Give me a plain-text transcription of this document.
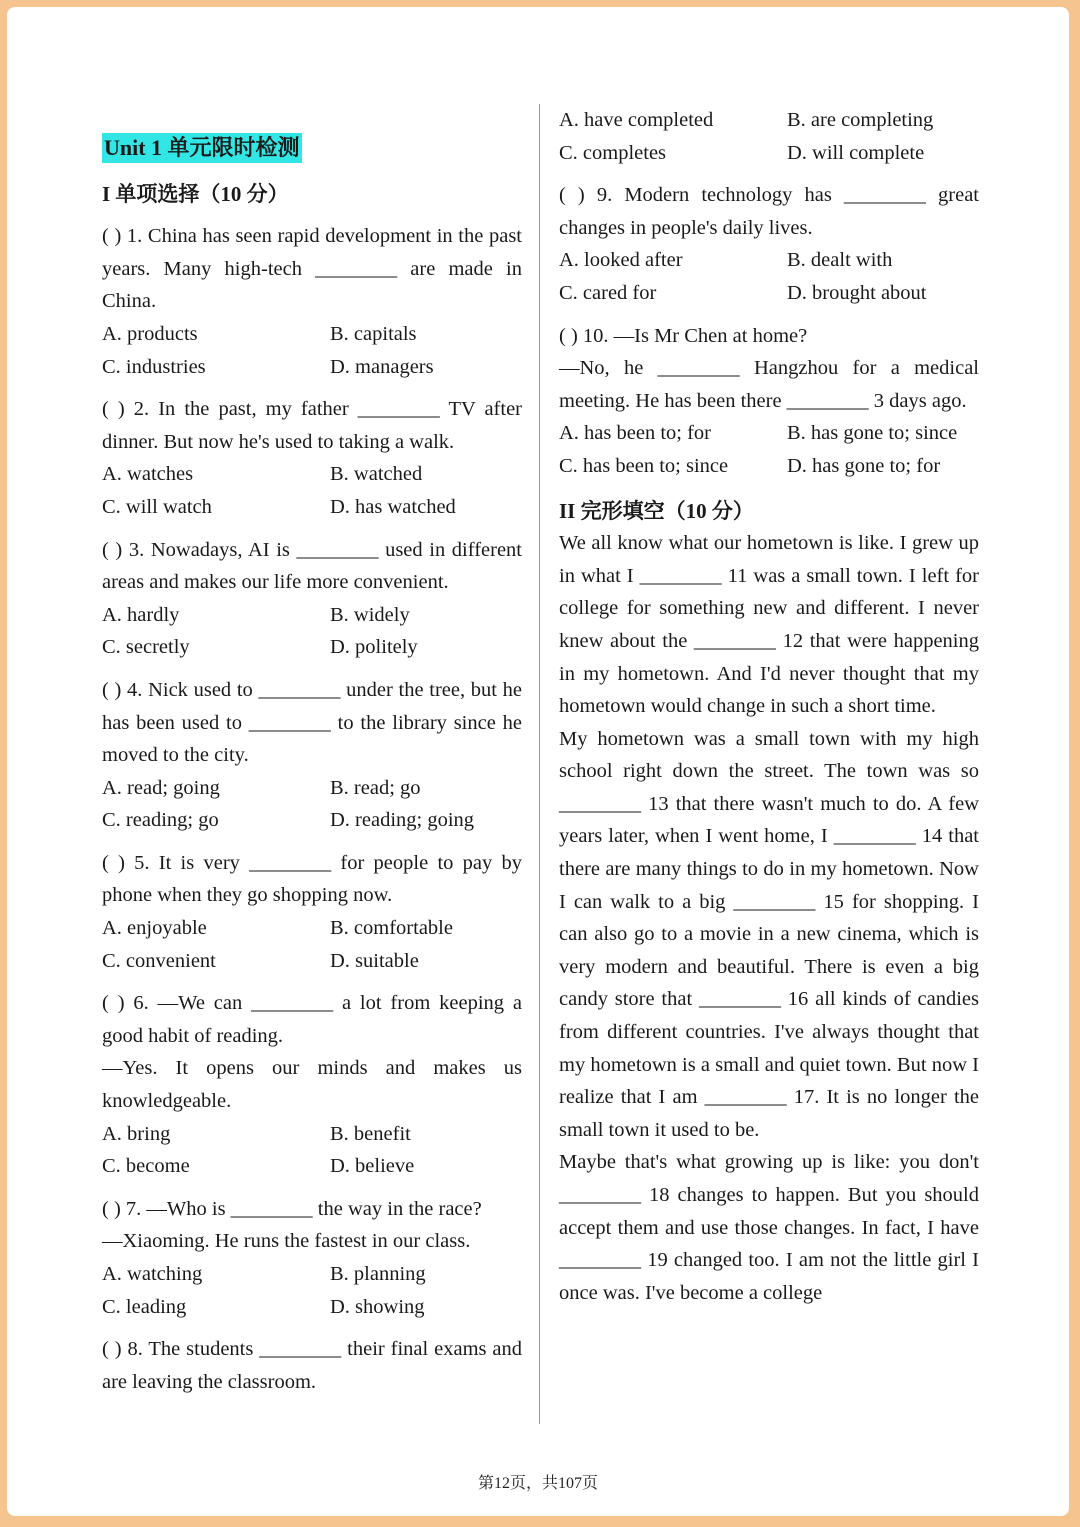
Unit 1 单元限时检测
I 单项选择（10 分）
( ) 1. China has seen rapid development in the past years. Many high-tech ________ are made in China.
A. products	B. capitals
C. industries	D. managers
( ) 2. In the past, my father ________ TV after dinner. But now he's used to taking a walk.
A. watches	B. watched
C. will watch	D. has watched
( ) 3. Nowadays, AI is ________ used in different areas and makes our life more convenient.
A. hardly	B. widely
C. secretly	D. politely
( ) 4. Nick used to ________ under the tree, but he has been used to ________ to the library since he moved to the city.
A. read; going	B. read; go
C. reading; go	D. reading; going
( ) 5. It is very ________ for people to pay by phone when they go shopping now.
A. enjoyable	B. comfortable
C. convenient	D. suitable
( ) 6. —We can ________ a lot from keeping a good habit of reading.
—Yes. It opens our minds and makes us knowledgeable.
A. bring	B. benefit
C. become	D. believe
( ) 7. —Who is ________ the way in the race?
—Xiaoming. He runs the fastest in our class.
A. watching	B. planning
C. leading	D. showing
( ) 8. The students ________ their final exams and are leaving the classroom.
A. have completed	B. are completing
C. completes	D. will complete
( ) 9. Modern technology has ________ great changes in people's daily lives.
A. looked after	B. dealt with
C. cared for	D. brought about
( ) 10. —Is Mr Chen at home?
—No, he ________ Hangzhou for a medical meeting. He has been there ________ 3 days ago.
A. has been to; for	B. has gone to; since
C. has been to; since	D. has gone to; for
II 完形填空（10 分）
We all know what our hometown is like. I grew up in what I ________ 11 was a small town. I left for college for something new and different. I never knew about the ________ 12 that were happening in my hometown. And I'd never thought that my hometown would change in such a short time.
My hometown was a small town with my high school right down the street. The town was so ________ 13 that there wasn't much to do. A few years later, when I went home, I ________ 14 that there are many things to do in my hometown. Now I can walk to a big ________ 15 for shopping. I can also go to a movie in a new cinema, which is very modern and beautiful. There is even a big candy store that ________ 16 all kinds of candies from different countries. I've always thought that my hometown is a small and quiet town. But now I realize that I am ________ 17. It is no longer the small town it used to be.
Maybe that's what growing up is like: you don't ________ 18 changes to happen. But you should accept them and use those changes. In fact, I have ________ 19 changed too. I am not the little girl I once was. I've become a college
第12页，共107页
